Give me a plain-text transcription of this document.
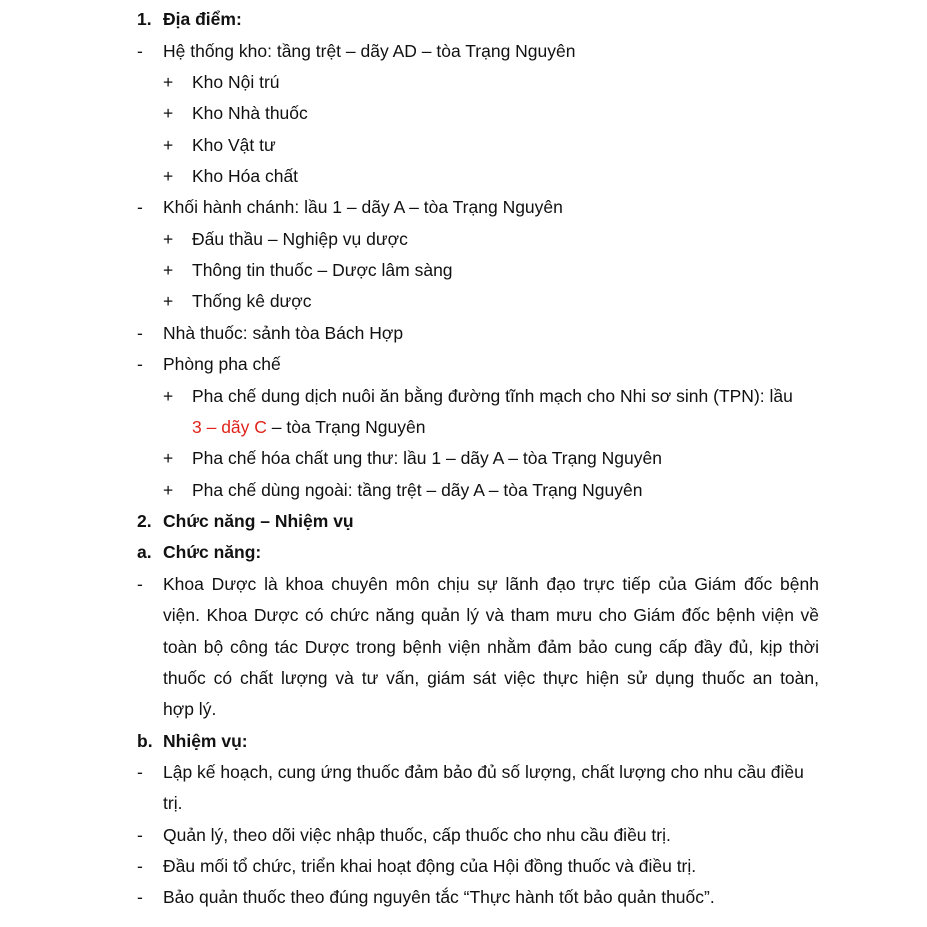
1. Địa điểm:
- Hệ thống kho: tầng trệt – dãy AD – tòa Trạng Nguyên
+ Kho Nội trú
+ Kho Nhà thuốc
+ Kho Vật tư
+ Kho Hóa chất
- Khối hành chánh: lầu 1 – dãy A – tòa Trạng Nguyên
+ Đấu thầu – Nghiệp vụ dược
+ Thông tin thuốc – Dược lâm sàng
+ Thống kê dược
- Nhà thuốc: sảnh tòa Bách Hợp
- Phòng pha chế
+ Pha chế dung dịch nuôi ăn bằng đường tĩnh mạch cho Nhi sơ sinh (TPN): lầu
3 – dãy C – tòa Trạng Nguyên
+ Pha chế hóa chất ung thư: lầu 1 – dãy A – tòa Trạng Nguyên
+ Pha chế dùng ngoài: tầng trệt – dãy A – tòa Trạng Nguyên
2. Chức năng – Nhiệm vụ
a. Chức năng:
- Khoa Dược là khoa chuyên môn chịu sự lãnh đạo trực tiếp của Giám đốc bệnh
viện. Khoa Dược có chức năng quản lý và tham mưu cho Giám đốc bệnh viện về
toàn bộ công tác Dược trong bệnh viện nhằm đảm bảo cung cấp đầy đủ, kịp thời
thuốc có chất lượng và tư vấn, giám sát việc thực hiện sử dụng thuốc an toàn,
hợp lý.
b. Nhiệm vụ:
- Lập kế hoạch, cung ứng thuốc đảm bảo đủ số lượng, chất lượng cho nhu cầu điều
trị.
- Quản lý, theo dõi việc nhập thuốc, cấp thuốc cho nhu cầu điều trị.
- Đầu mối tổ chức, triển khai hoạt động của Hội đồng thuốc và điều trị.
- Bảo quản thuốc theo đúng nguyên tắc “Thực hành tốt bảo quản thuốc”.
